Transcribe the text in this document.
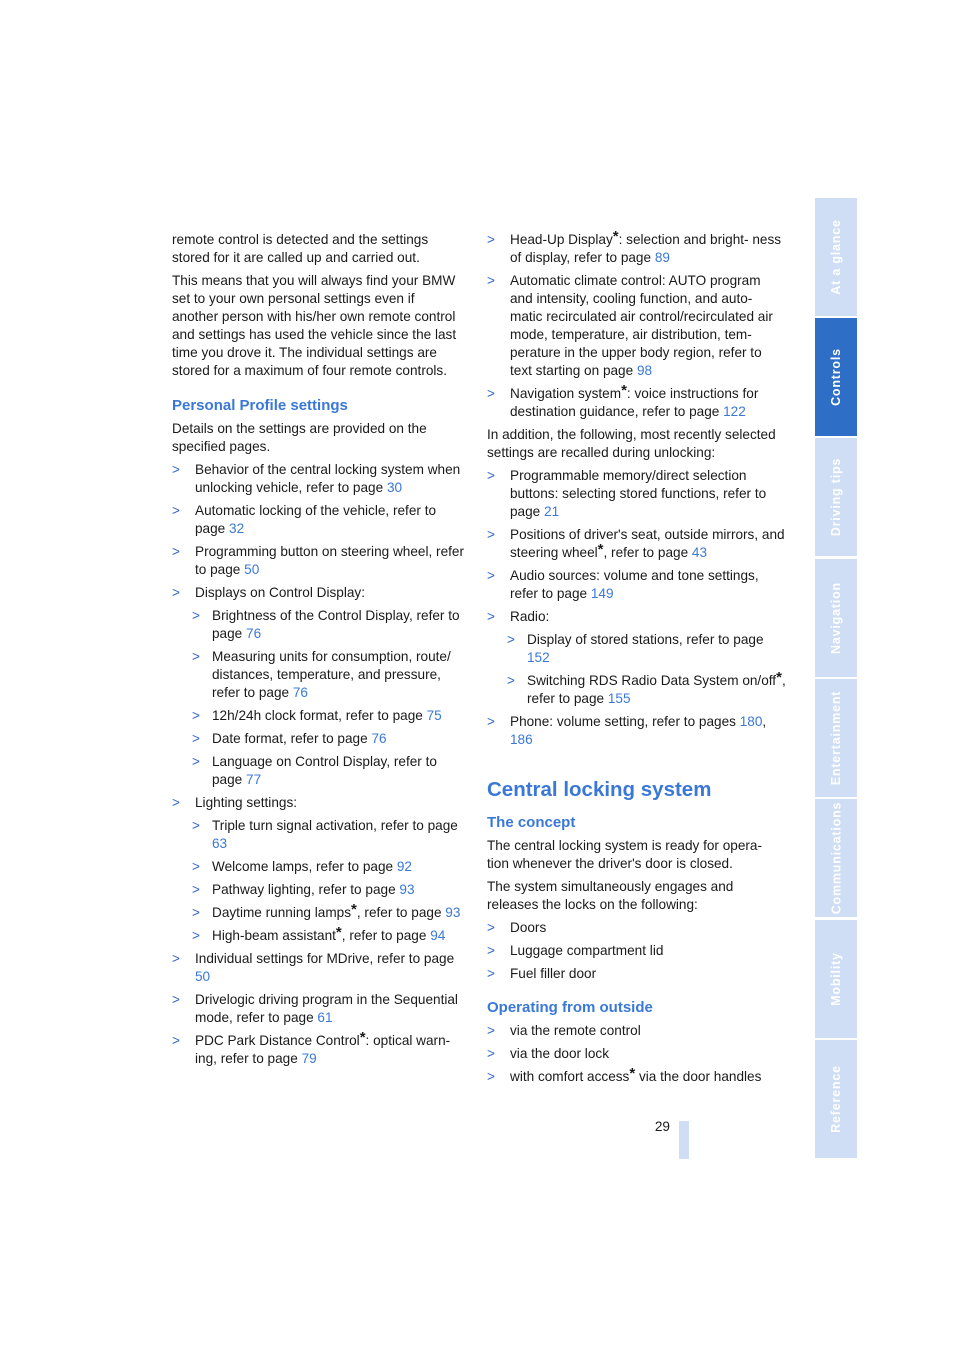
remote control is detected and the settings stored for it are called up and carried out.

This means that you will always find your BMW set to your own personal settings even if another person with his/her own remote control and settings has used the vehicle since the last time you drove it. The individual settings are stored for a maximum of four remote controls.

Personal Profile settings

Details on the settings are provided on the specified pages.

> Behavior of the central locking system when unlocking vehicle, refer to page 30
> Automatic locking of the vehicle, refer to page 32
> Programming button on steering wheel, refer to page 50
> Displays on Control Display:
> Brightness of the Control Display, refer to page 76
> Measuring units for consumption, route/ distances, temperature, and pressure, refer to page 76
> 12h/24h clock format, refer to page 75
> Date format, refer to page 76
> Language on Control Display, refer to page 77
> Lighting settings:
> Triple turn signal activation, refer to page 63
> Welcome lamps, refer to page 92
> Pathway lighting, refer to page 93
> Daytime running lamps*, refer to page 93
> High-beam assistant*, refer to page 94
> Individual settings for MDrive, refer to page 50
> Drivelogic driving program in the Sequential mode, refer to page 61
> PDC Park Distance Control*: optical warn- ing, refer to page 79
> Head-Up Display*: selection and bright- ness of display, refer to page 89
> Automatic climate control: AUTO program and intensity, cooling function, and auto- matic recirculated air control/recirculated air mode, temperature, air distribution, tem- perature in the upper body region, refer to text starting on page 98
> Navigation system*: voice instructions for destination guidance, refer to page 122

In addition, the following, most recently selected settings are recalled during unlocking:

> Programmable memory/direct selection buttons: selecting stored functions, refer to page 21
> Positions of driver's seat, outside mirrors, and steering wheel*, refer to page 43
> Audio sources: volume and tone settings, refer to page 149
> Radio:
> Display of stored stations, refer to page 152
> Switching RDS Radio Data System on/off*, refer to page 155
> Phone: volume setting, refer to pages 180, 186
Central locking system
The concept

The central locking system is ready for opera- tion whenever the driver's door is closed.

The system simultaneously engages and releases the locks on the following:

> Doors
> Luggage compartment lid
> Fuel filler door
Operating from outside
> via the remote control
> via the door lock
> with comfort access* via the door handles
At a glance
Controls
Driving tips
Navigation
Entertainment
Communications
Mobility
Reference
29
